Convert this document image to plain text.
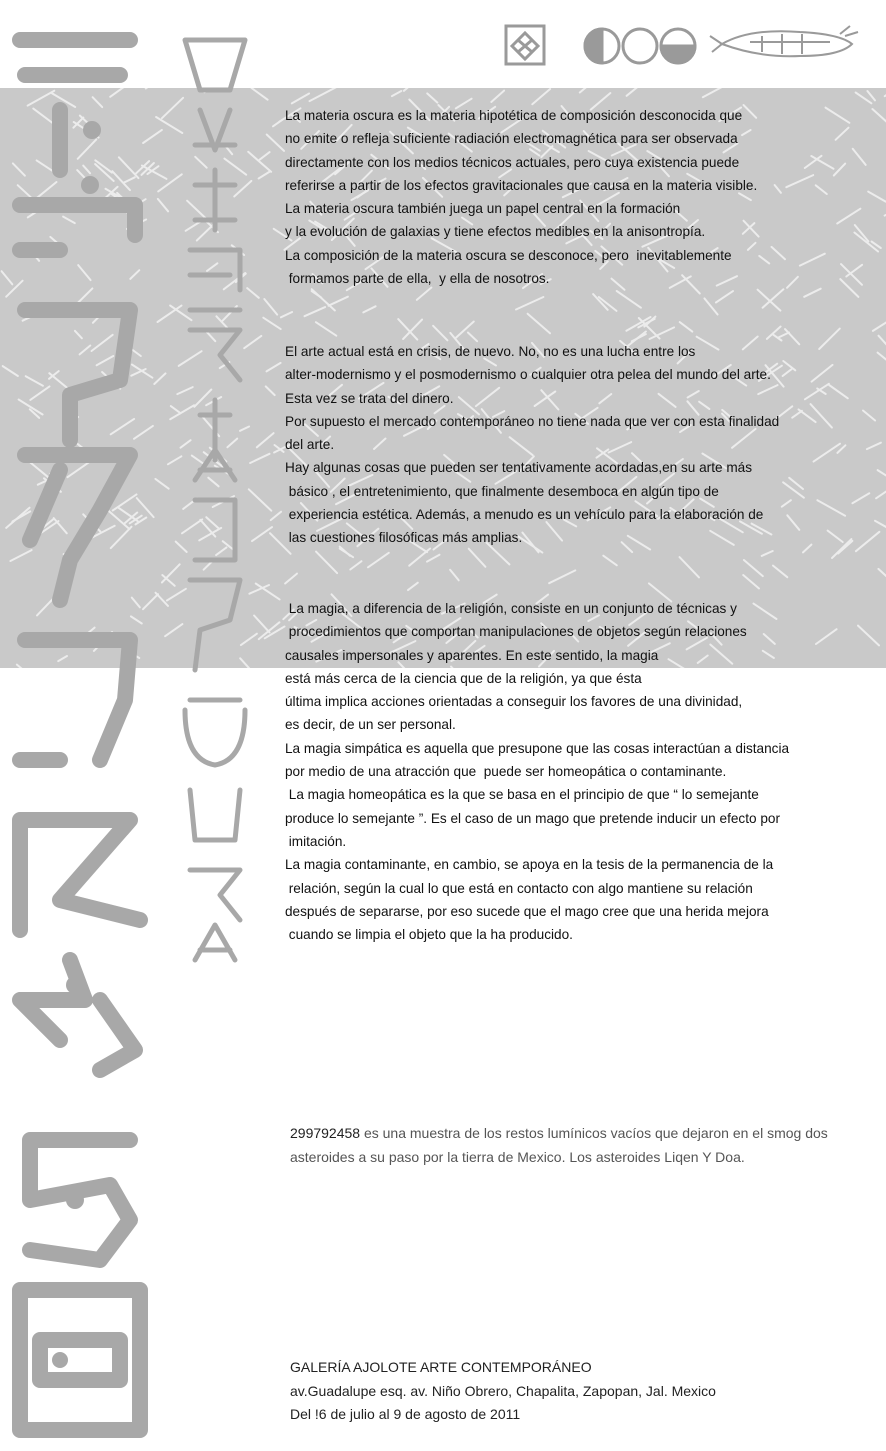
La materia oscura es la materia hipotética de composición desconocida que

no emite o refleja suficiente radiación electromagnética para ser observada

directamente con los medios técnicos actuales, pero cuya existencia puede

referirse a partir de los efectos gravitacionales que causa en la materia visible.

La materia oscura también juega un papel central en la formación

y la evolución de galaxias y tiene efectos medibles en la anisontropía.

La composición de la materia oscura se desconoce, pero  inevitablemente

formamos parte de ella,  y ella de nosotros.

El arte actual está en crisis, de nuevo. No, no es una lucha entre los

alter-modernismo y el posmodernismo o cualquier otra pelea del mundo del arte.

Esta vez se trata del dinero.

Por supuesto el mercado contemporáneo no tiene nada que ver con esta finalidad

del arte.

Hay algunas cosas que pueden ser tentativamente acordadas,en su arte más

básico , el entretenimiento, que finalmente desemboca en algún tipo de

experiencia estética. Además, a menudo es un vehículo para la elaboración de

las cuestiones filosóficas más amplias.

La magia, a diferencia de la religión, consiste en un conjunto de técnicas y

procedimientos que comportan manipulaciones de objetos según relaciones

causales impersonales y aparentes. En este sentido, la magia

está más cerca de la ciencia que de la religión, ya que ésta

última implica acciones orientadas a conseguir los favores de una divinidad,

es decir, de un ser personal.

La magia simpática es aquella que presupone que las cosas interactúan a distancia

por medio de una atracción que  puede ser homeopática o contaminante.

La magia homeopática es la que se basa en el principio de que “ lo semejante

produce lo semejante ”. Es el caso de un mago que pretende inducir un efecto por

imitación.

La magia contaminante, en cambio, se apoya en la tesis de la permanencia de la

relación, según la cual lo que está en contacto con algo mantiene su relación

después de separarse, por eso sucede que el mago cree que una herida mejora

cuando se limpia el objeto que la ha producido.

299792458 es una muestra de los restos lumínicos vacíos que dejaron en el smog dos asteroides a su paso por la tierra de Mexico. Los asteroides Liqen Y Doa.

GALERÍA AJOLOTE ARTE CONTEMPORÁNEO

av.Guadalupe esq. av. Niño Obrero, Chapalita, Zapopan, Jal. Mexico

Del !6 de julio al 9 de agosto de 2011
